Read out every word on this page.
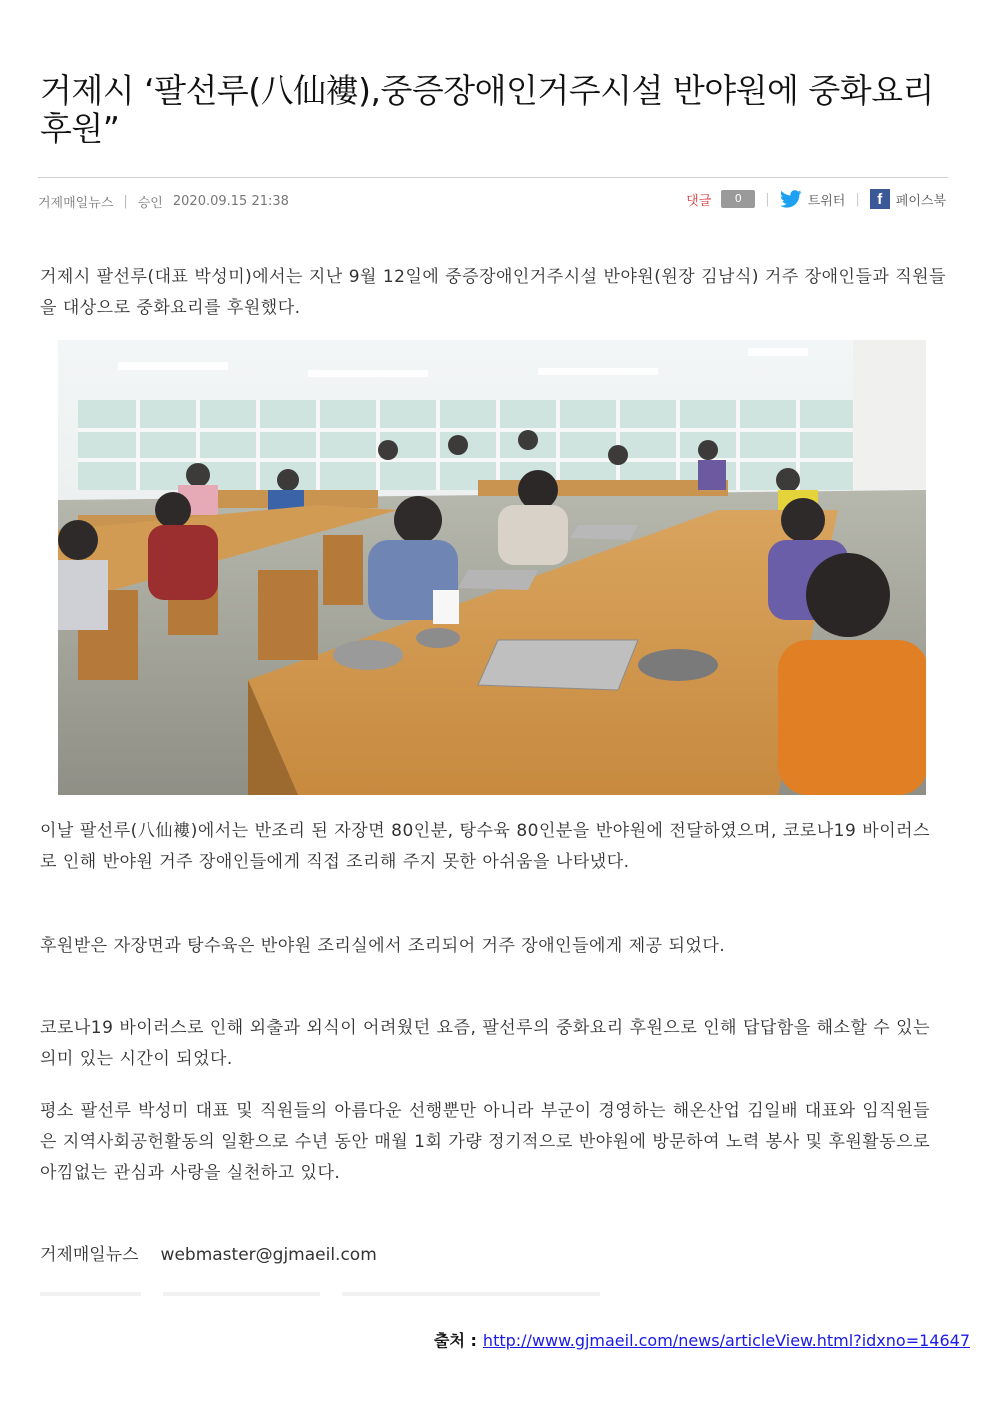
거제시 ‘팔선루(八仙褸),중증장애인거주시설 반야원에 중화요리 후원”
거제매일뉴스 | 승인 2020.09.15 21:38	댓글	0	|	트위터 |	f	페이스북

거제시 팔선루(대표 박성미)에서는 지난 9월 12일에 중증장애인거주시설 반야원(원장 김남식) 거주 장애인들과 직원들을 대상으로 중화요리를 후원했다.

이날 팔선루(八仙褸)에서는 반조리 된 자장면 80인분, 탕수육 80인분을 반야원에 전달하였으며, 코로나19 바이러스로 인해 반야원 거주 장애인들에게 직접 조리해 주지 못한 아쉬움을 나타냈다.

후원받은 자장면과 탕수육은 반야원 조리실에서 조리되어 거주 장애인들에게 제공 되었다.

코로나19 바이러스로 인해 외출과 외식이 어려웠던 요즘, 팔선루의 중화요리 후원으로 인해 답답함을 해소할 수 있는 의미 있는 시간이 되었다.

평소 팔선루 박성미 대표 및 직원들의 아름다운 선행뿐만 아니라 부군이 경영하는 해온산업 김일배 대표와 임직원들은 지역사회공헌활동의 일환으로 수년 동안 매월 1회 가량 정기적으로 반야원에 방문하여 노력 봉사 및 후원활동으로 아낌없는 관심과 사랑을 실천하고 있다.

거제매일뉴스 webmaster@gjmaeil.com
출처 : http://www.gjmaeil.com/news/articleView.html?idxno=14647
